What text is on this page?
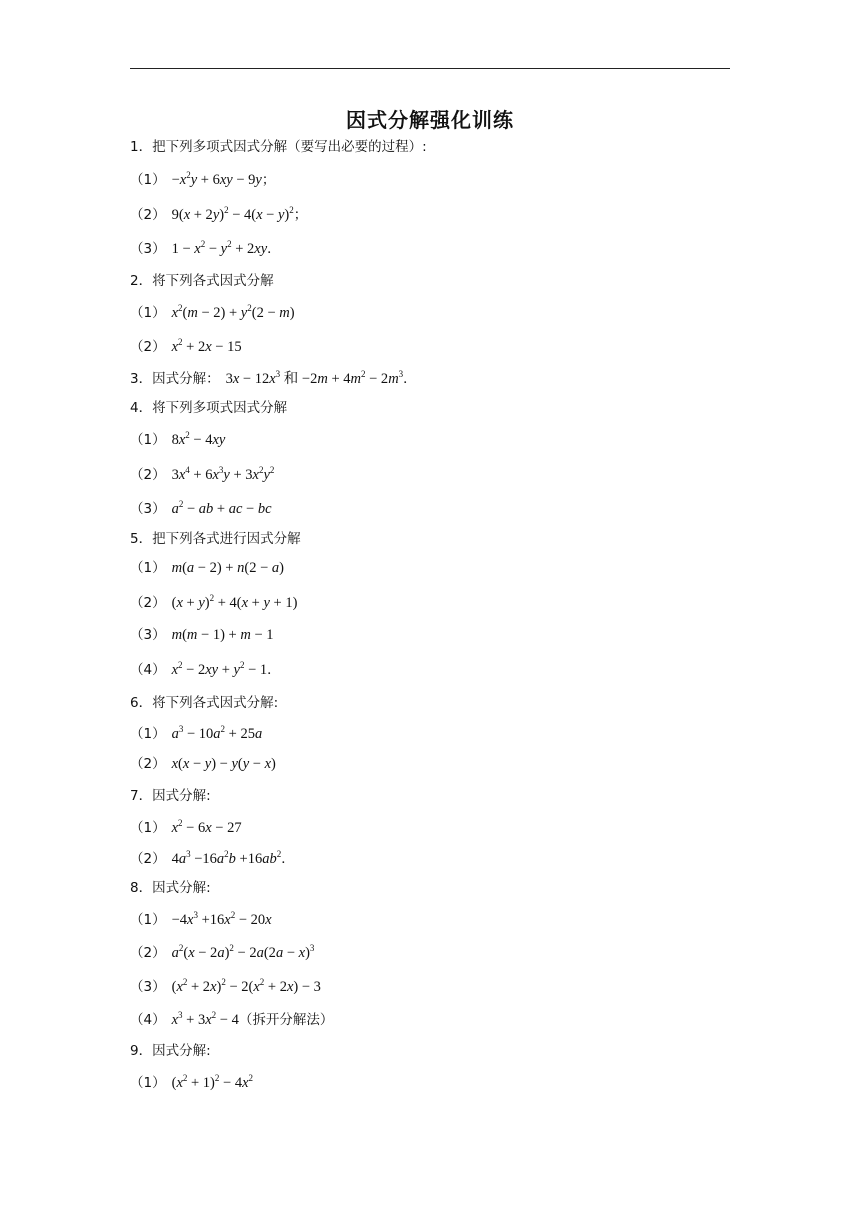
因式分解强化训练
1．把下列多项式因式分解（要写出必要的过程）:
$(1) -x^2y + 6xy - 9y$；
（2） $9(x + 2y)^2 - 4(x - y)^2$；
（3） $1 - x^2 - y^2 + 2xy$．
2．将下列各式因式分解
（1） $x^2(m - 2) + y^2(2 - m)$
（2） $x^2 + 2x - 15$
3．因式分解： $3x - 12x^3$ 和 $-2m + 4m^2 - 2m^3$．
4．将下列多项式因式分解
（1） $8x^2 - 4xy$
（2） $3x^4 + 6x^3y + 3x^2y^2$
（3） $a^2$ − ab + ac − bc
5．把下列各式进行因式分解
（1） m(a − 2) + n(2 − a)
（2） $(x + y)^2 + 4(x + y + 1)$
（3） m(m − 1) + m − 1
（4） $x^2 - 2xy + y^2 - 1$．
6．将下列各式因式分解:
（1） $a^3 - 10a^2 + 25a$
（2） x(x − y) − y(y − x)
7．因式分解:
（1） $x^2 - 6x - 27$
（2） $4a^3 -16a^2b +16ab^2$．
8．因式分解:
$(1) -4x^3 +16x^2 - 20x$
（2） $a^2(x - 2a)^2 - 2a(2a - x)^3$
（3） $(x^2 + 2x)^2 - 2(x^2 + 2x) - 3$
（4） $x^3 + 3x^2 - 4$（拆开分解法）
9．因式分解:
（1） $(x^2 + 1)^2 - 4x^2$
